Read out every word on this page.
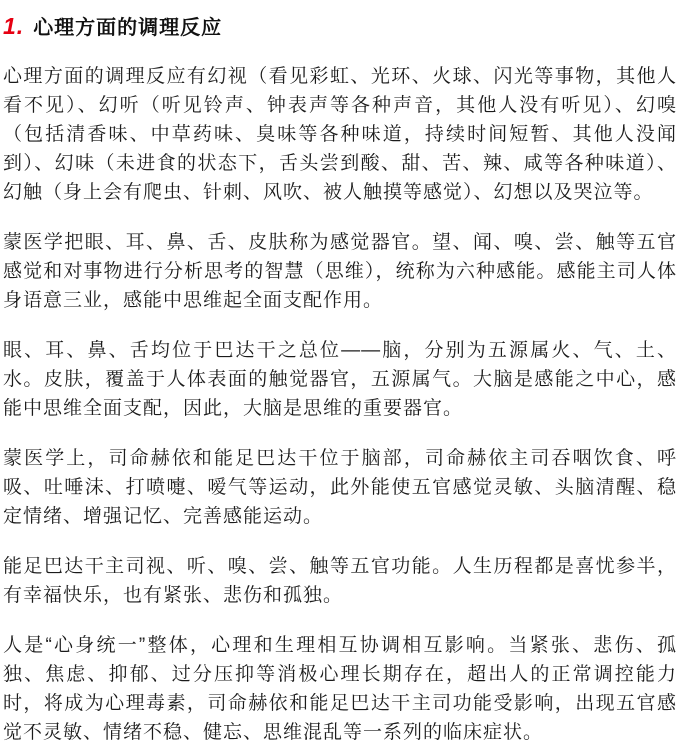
1. 心理方面的调理反应

心理方面的调理反应有幻视（看见彩虹、光环、火球、闪光等事物，其他人看不见）、幻听（听见铃声、钟表声等各种声音，其他人没有听见）、幻嗅（包括清香味、中草药味、臭味等各种味道，持续时间短暂、其他人没闻到）、幻味（未进食的状态下，舌头尝到酸、甜、苦、辣、咸等各种味道）、幻触（身上会有爬虫、针刺、风吹、被人触摸等感觉）、幻想以及哭泣等。

蒙医学把眼、耳、鼻、舌、皮肤称为感觉器官。望、闻、嗅、尝、触等五官感觉和对事物进行分析思考的智慧（思维），统称为六种感能。感能主司人体身语意三业，感能中思维起全面支配作用。

眼、耳、鼻、舌均位于巴达干之总位——脑，分别为五源属火、气、土、水。皮肤，覆盖于人体表面的触觉器官，五源属气。大脑是感能之中心，感能中思维全面支配，因此，大脑是思维的重要器官。

蒙医学上，司命赫依和能足巴达干位于脑部，司命赫依主司吞咽饮食、呼吸、吐唾沫、打喷嚏、嗳气等运动，此外能使五官感觉灵敏、头脑清醒、稳定情绪、增强记忆、完善感能运动。

能足巴达干主司视、听、嗅、尝、触等五官功能。人生历程都是喜忧参半，有幸福快乐，也有紧张、悲伤和孤独。

人是“心身统一”整体，心理和生理相互协调相互影响。当紧张、悲伤、孤独、焦虑、抑郁、过分压抑等消极心理长期存在，超出人的正常调控能力时，将成为心理毒素，司命赫依和能足巴达干主司功能受影响，出现五官感觉不灵敏、情绪不稳、健忘、思维混乱等一系列的临床症状。
